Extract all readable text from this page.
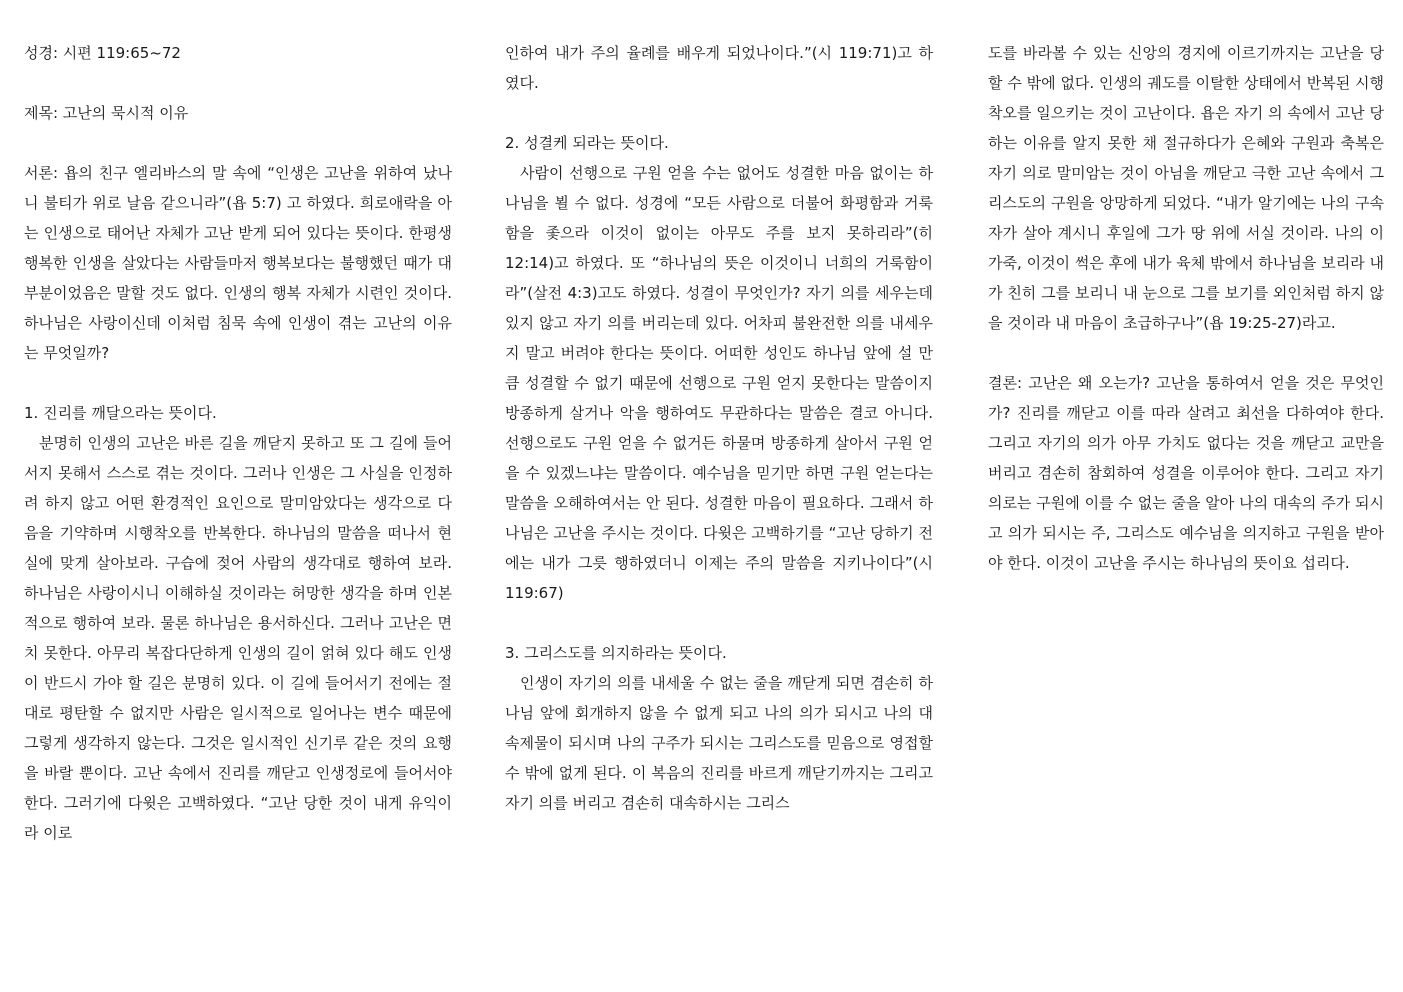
성경: 시편 119:65~72

제목: 고난의 묵시적 이유

서론: 욥의 친구 엘리바스의 말 속에 “인생은 고난을 위하여 났나니 불티가 위로 날음 같으니라”(욥 5:7) 고 하였다. 희로애락을 아는 인생으로 태어난 자체가 고난 받게 되어 있다는 뜻이다. 한평생 행복한 인생을 살았다는 사람들마저 행복보다는 불행했던 때가 대부분이었음은 말할 것도 없다. 인생의 행복 자체가 시련인 것이다. 하나님은 사랑이신데 이처럼 침묵 속에 인생이 겪는 고난의 이유는 무엇일까?

1. 진리를 깨달으라는 뜻이다.

분명히 인생의 고난은 바른 길을 깨닫지 못하고 또 그 길에 들어서지 못해서 스스로 겪는 것이다. 그러나 인생은 그 사실을 인정하려 하지 않고 어떤 환경적인 요인으로 말미암았다는 생각으로 다음을 기약하며 시행착오를 반복한다. 하나님의 말씀을 떠나서 현실에 맞게 살아보라. 구습에 젖어 사람의 생각대로 행하여 보라. 하나님은 사랑이시니 이해하실 것이라는 허망한 생각을 하며 인본적으로 행하여 보라. 물론 하나님은 용서하신다. 그러나 고난은 면치 못한다. 아무리 복잡다단하게 인생의 길이 얽혀 있다 해도 인생이 반드시 가야 할 길은 분명히 있다. 이 길에 들어서기 전에는 절대로 평탄할 수 없지만 사람은 일시적으로 일어나는 변수 때문에 그렇게 생각하지 않는다. 그것은 일시적인 신기루 같은 것의 요행을 바랄 뿐이다. 고난 속에서 진리를 깨닫고 인생정로에 들어서야 한다. 그러기에 다윗은 고백하였다. “고난 당한 것이 내게 유익이라 이로

인하여 내가 주의 율례를 배우게 되었나이다.”(시 119:71)고 하였다.

2. 성결케 되라는 뜻이다.

사람이 선행으로 구원 얻을 수는 없어도 성결한 마음 없이는 하나님을 뵐 수 없다. 성경에 “모든 사람으로 더불어 화평함과 거룩함을 좇으라 이것이 없이는 아무도 주를 보지 못하리라”(히 12:14)고 하였다. 또 “하나님의 뜻은 이것이니 너희의 거룩함이라”(살전 4:3)고도 하였다. 성결이 무엇인가? 자기 의를 세우는데 있지 않고 자기 의를 버리는데 있다. 어차피 불완전한 의를 내세우지 말고 버려야 한다는 뜻이다. 어떠한 성인도 하나님 앞에 설 만큼 성결할 수 없기 때문에 선행으로 구원 얻지 못한다는 말씀이지 방종하게 살거나 악을 행하여도 무관하다는 말씀은 결코 아니다. 선행으로도 구원 얻을 수 없거든 하물며 방종하게 살아서 구원 얻을 수 있겠느냐는 말씀이다. 예수님을 믿기만 하면 구원 얻는다는 말씀을 오해하여서는 안 된다. 성결한 마음이 필요하다. 그래서 하나님은 고난을 주시는 것이다. 다윗은 고백하기를 “고난 당하기 전에는 내가 그릇 행하였더니 이제는 주의 말씀을 지키나이다”(시 119:67)

3. 그리스도를 의지하라는 뜻이다.

인생이 자기의 의를 내세울 수 없는 줄을 깨닫게 되면 겸손히 하나님 앞에 회개하지 않을 수 없게 되고 나의 의가 되시고 나의 대속제물이 되시며 나의 구주가 되시는 그리스도를 믿음으로 영접할 수 밖에 없게 된다. 이 복음의 진리를 바르게 깨닫기까지는 그리고 자기 의를 버리고 겸손히 대속하시는 그리스

도를 바라볼 수 있는 신앙의 경지에 이르기까지는 고난을 당할 수 밖에 없다. 인생의 궤도를 이탈한 상태에서 반복된 시행착오를 일으키는 것이 고난이다. 욥은 자기 의 속에서 고난 당하는 이유를 알지 못한 채 절규하다가 은혜와 구원과 축복은 자기 의로 말미암는 것이 아님을 깨닫고 극한 고난 속에서 그리스도의 구원을 앙망하게 되었다. “내가 알기에는 나의 구속자가 살아 계시니 후일에 그가 땅 위에 서실 것이라. 나의 이 가죽, 이것이 썩은 후에 내가 육체 밖에서 하나님을 보리라 내가 친히 그를 보리니 내 눈으로 그를 보기를 외인처럼 하지 않을 것이라 내 마음이 초급하구나”(욥 19:25-27)라고.

결론: 고난은 왜 오는가? 고난을 통하여서 얻을 것은 무엇인가? 진리를 깨닫고 이를 따라 살려고 최선을 다하여야 한다. 그리고 자기의 의가 아무 가치도 없다는 것을 깨닫고 교만을 버리고 겸손히 참회하여 성결을 이루어야 한다. 그리고 자기 의로는 구원에 이를 수 없는 줄을 알아 나의 대속의 주가 되시고 의가 되시는 주, 그리스도 예수님을 의지하고 구원을 받아야 한다. 이것이 고난을 주시는 하나님의 뜻이요 섭리다.
